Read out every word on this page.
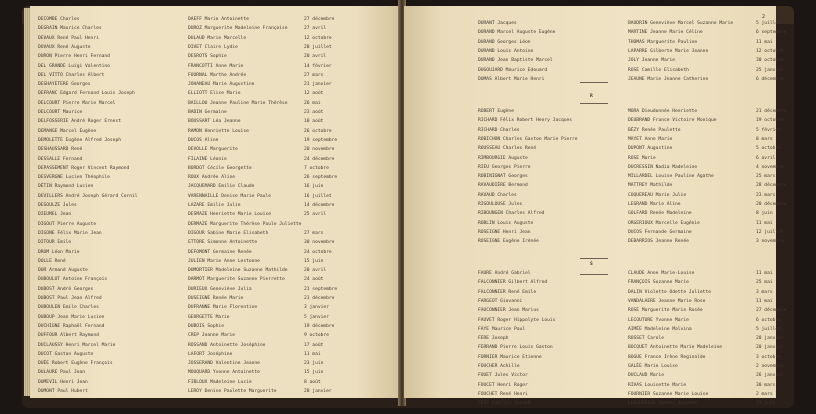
DECOMBE Charles	DAEFF Marie Antoinette	27 décembre
DEGRAIN Maurice Charles	DUROZ Marguerite Madeleine Françoise	27 avril
DEVAUX René Paul Henri	DULAUD Marie Marcelle	12 octobre
DUVAUX René Auguste	DIVET Claire Lydie	20 juillet
DURON Pierre Henri Fernand	DESROTS Sophie	20 avril
DEL GRANDE Luigi Valentino	FRANCOTTI Anne Marie	14 février
DEL VITTO Charles Albert	FOURNAL Marthe Andrée	27 mars
DESHAYETERE Georges	JOHANEAU Marie Augustine	21 janvier
DEFRANC Edgard Fernand Louis Joseph	ELLIOTT Elise Marie	12 août
DELCOURT Pierre Marie Marcel	BAILLOU Jeanne Pauline Marie Thérèse	26 mai
DELCOURT Maurice	BADIN Germaine	23 août
DELFOSSERIE André Roger Ernest	BOUSSART Léa Jeanne	10 août
DEMANGE Marcel Eugène	RAMON Henriette Louise	26 octobre
DEMOLETTE Eugène Alfred Joseph	DUCOS Aline	19 septembre
DESHAUSSARD René	DEVOLLE Marguerite	20 novembre
DESSALLE Fernand	FILAINE Léonie	24 décembre
DEPASSEMENT Roger Vincent Raymond	BORDOT Cécile Georgette	7 octobre
DESVERGNE Lucien Théophile	ROUX Andrée Aline	26 septembre
DÉTIN Raymond Lucien	JACQUEMARD Emilie Claude	16 juin
DEVILLERS André Joseph Gérard Cornil	VARENNAILLE Denise Marie Paule	16 juillet
DESOULZE Jules	LAZARE Emilie Julie	14 décembre
DIEUMEL Jean	DESMAZE Henriette Marie Louise	25 avril
DIGOUT Pierre Auguste	DERMAZE Marguerite Thérèse Paule Juliette
DIGONE Félix Marie Jean	DIGOUR Sabine Marie Elisabeth	27 mars
DITOUR Emile	ETTORE Simonne Antoinette	30 novembre
DROM Léon Marie	DEFOMONT Germaine Renée	24 octobre
DOLLE René	JULIEN Marie Anne Lestonne	15 juin
DUR Armand Auguste	DUMORTIER Madeleine Suzanne Mathilde	20 avril
DUBOULOT Antoine François	DARMOT Marguerite Suzanne Pierrette	24 août
DUBOST André Georges	DURIEUX Geneviève Julia	21 septembre
DUBOST Paul Jean Alfred	DUSEIGNE Renée Marie	21 décembre
DUBOULEN Emile Charles	DUFRANNE Marie Florentine	3 janvier
DUBOUP Jean Marie Lucien	GEORGETTE Marie	5 janvier
DUCHIGNE Raphaël Fernand	DUBOIS Sophie	19 décembre
DUFFOUR Albert Raymond	CREP Jeanne Marie	9 octobre
DUCLAUSSY Henri Marcel Marie	ROSSAND Antoinette Joséphine	17 août
DUCOT Gaston Auguste	LAFORT Joséphine	11 mai
DUÉE Robert Eugène François	JOSSERAND Valentine Jeanne	23 juin
DULAURE Paul Jean	MOUQUARD Yvonne Antoinette	15 juin
DUMEVIL Henri Jean	FIBLOUX Madeleine Lucie	8 août
DUMONT Paul Hubert	LEROY Denise Paulette Marguerite	20 janvier
2
R
S
DURANT Jacques	BAUDRIN Geneviève Marcel Suzanne Marie	5 juillet
DURAND Marcel Auguste Eugène	MARTINE Jeanne Marie Céline	6 septembre
DURAND Georges Léon	THOMAS Marguerite Pauline	11 mai
DURAND Louis Antoine	LAPARRE Gilberte Marie Jeanne	12 octobre
DURAND Jean Baptiste Marcel	JOLY Jeanne Marie	30 octobre
DUGOUJARD Maurice Edouard	ROSE Camille Elisabeth	25 janvier
DUMAS Albert Marie Henri	JEAUNE Marie Jeanne Catherine	6 décembre
ROBERT Eugène	MORA Dieudonnée Henriette	21 décembre
RICHARD Félix Robert Henry Jacques	DEUBRAND France Victoire Monique	19 octobre
RICHARD Charles	BÉZY Renée Paulette	5 février
ROBICHON Charles Gaston Marie Pierre	MAYET Anne Marie	8 mars
ROUSSEAU Charles René	DUPONT Augustine	5 octobre
RIMBOURGIE Auguste	ROSE Marie	6 avril
RIEU Georges Pierre	DUCRESSIN Nadia Madeleine	4 novembre
ROBINIGNAT Georges	MILLARDEL Louise Pauline Agathe	25 mars
RAVAUDIÈRE Bermond	MATTREY Mathilde	28 décembre
RAVAUD Charles	COQUEREAU Marie Julie	23 mars
RIGOULOUSE Jules	LEGRAND Marie Aline	20 décembre
RIBOUNGEN Charles Alfred	GOLFARD Renée Madeleine	8 juin
ROBLIN Louis Auguste	ORGERIOUX Marcelle Eugénie	11 mai
ROSEIGNE Henri Jean	DUCOS Fernande Germaine	12 juillet
ROSEIGNE Eugène Irénée	DEBARRIOS Jeanne Renée	3 novembre
FAURE André Gabriel	CLAUDE Anne Marie-Louise	11 mai
FALCONNIER Gilbert Alfred	FRANÇOIS Suzanne Marie	25 mai
FALCONNIER René Emile	DALIN Violette Odette Juliette	3 mars
FARGEOT Giovanni	VANDALAERE Jeanne Marie Rose	11 mai
FAUCONNIER Jean Marius	ROSE Marguerite Marie Rosée	27 décembre
FAUVET Roger Hippolyte Louis	LECOUTURE Yvonne Marie	6 octobre
FAYE Maurice Paul	AIMÉE Madeleine Malvina	5 juillet
FERE Joseph	ROSSET Carole	20 janvier
FERRAND Pierre Louis Gaston	BOCQUET Antoinette Marie Madeleine	20 janvier
FORNIER Maurice Etienne	BOGUE France Irène Reginalde	3 octobre
FOUCHER Achille	GALÉE Marie Louise	2 novembre
FOUET Jules Victor	DUCLAUD Marie	26 janvier
FOUCET Henri Roger	RIVAS Louisette Marie	30 mars
FOUCHET René Henri	FOURNIER Suzanne Marie Louise	2 mars
FÉVE Camille Joseph	LEGUERRIER Jeanne Suzanne	15 juin
